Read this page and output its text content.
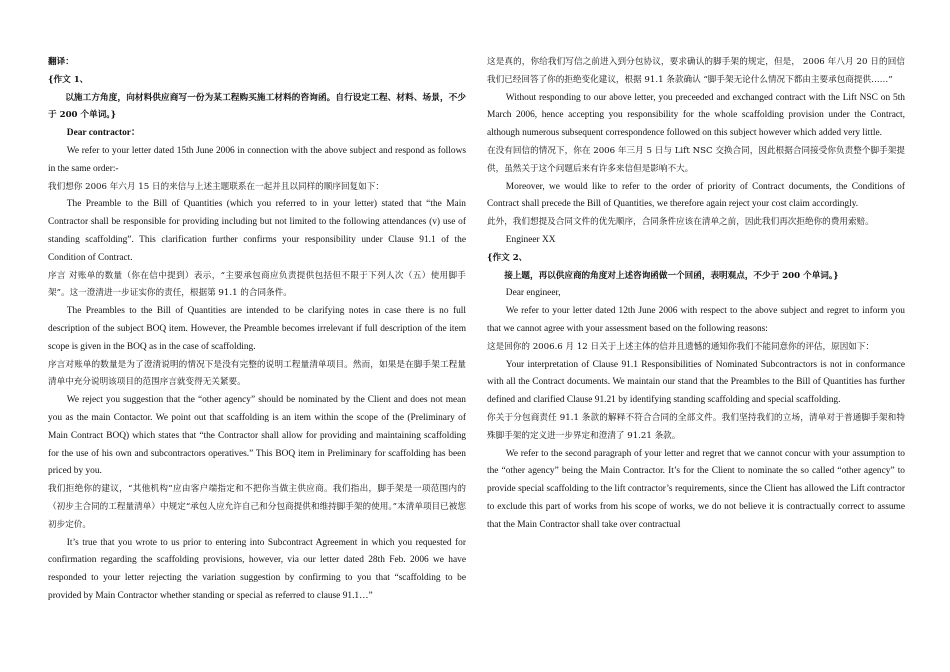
翻译：

{作文 1、

以施工方角度，向材料供应商写一份为某工程购买施工材料的咨询函。自行设定工程、材料、场景，不少于 200 个单词。}

Dear contractor：

We refer to your letter dated 15th June 2006 in connection with the above subject and respond as follows in the same order:-

我们想你 2006 年六月 15 日的来信与上述主题联系在一起并且以同样的顺序回复如下：

The Preamble to the Bill of Quantities (which you referred to in your letter) stated that “the Main Contractor shall be responsible for providing including but not limited to the following attendances (v) use of standing scaffolding”. This clarification further confirms your responsibility under Clause 91.1 of the Condition of Contract.

序言 对账单的数量（你在信中提到）表示，“主要承包商应负责提供包括但不限于下列人次（五）使用脚手架”。这一澄清进一步证实你的责任，根据第 91.1 的合同条件。

The Preambles to the Bill of Quantities are intended to be clarifying notes in case there is no full description of the subject BOQ item. However, the Preamble becomes irrelevant if full description of the item scope is given in the BOQ as in the case of scaffolding.

序言对账单的数量是为了澄清说明的情况下是没有完整的说明工程量清单项目。然而，如果是在脚手架工程量清单中充分说明该项目的范围序言就变得无关紧要。

We reject you suggestion that the “other agency” should be nominated by the Client and does not mean you as the main Contactor. We point out that scaffolding is an item within the scope of the (Preliminary of Main Contract BOQ) which states that “the Contractor shall allow for providing and maintaining scaffolding for the use of his own and subcontractors operatives.” This BOQ item in Preliminary for scaffolding has been priced by you.

我们拒绝你的建议，“其他机构”应由客户端指定和不把你当做主供应商。我们指出，脚手架是一项范围内的（初步主合同的工程量清单）中规定“承包人应允许自己和分包商提供和维持脚手架的使用。”本清单项目已被您初步定价。

It’s true that you wrote to us prior to entering into Subcontract Agreement in which you requested for confirmation regarding the scaffolding provisions, however, via our letter dated 28th Feb. 2006 we have responded to your letter rejecting the variation suggestion by confirming to you that “scaffolding to be provided by Main Contractor whether standing or special as referred to clause 91.1…”

这是真的，你给我们写信之前进入到分包协议，要求确认的脚手架的规定，但是， 2006 年八月 20 日的回信我们已经回答了你的拒绝变化建议，根据 91.1 条款确认 “脚手架无论什么情况下都由主要承包商提供……”

Without responding to our above letter, you preceeded and exchanged contract with the Lift NSC on 5th March 2006, hence accepting you responsibility for the whole scaffolding provision under the Contract, although numerous subsequent correspondence followed on this subject however which added very little.

在没有回信的情况下，你在 2006 年三月 5 日与 Lift NSC 交换合同，因此根据合同接受你负责整个脚手架提供，虽然关于这个问题后来有许多来信但是影响不大。

Moreover, we would like to refer to the order of priority of Contract documents, the Conditions of Contract shall precede the Bill of Quantities, we therefore again reject your cost claim accordingly.

此外，我们想提及合同文件的优先顺序，合同条件应该在清单之前，因此我们再次拒绝你的费用索赔。

Engineer XX

{作文 2、

接上题，再以供应商的角度对上述咨询函做一个回函，表明观点，不少于 200 个单词。}

Dear engineer,

We refer to your letter dated 12th June 2006 with respect to the above subject and regret to inform you that we cannot agree with your assessment based on the following reasons:

这是回你的 2006.6 月 12 日关于上述主体的信并且遗憾的通知你我们不能同意你的评估，原因如下：

Your interpretation of Clause 91.1 Responsibilities of Nominated Subcontractors is not in conformance with all the Contract documents. We maintain our stand that the Preambles to the Bill of Quantities has further defined and clarified Clause 91.21 by identifying standing scaffolding and special scaffolding.

你关于分包商责任 91.1 条款的解释不符合合同的全部文件。我们坚持我们的立场，清单对于普通脚手架和特殊脚手架的定义进一步界定和澄清了 91.21 条款。

We refer to the second paragraph of your letter and regret that we cannot concur with your assumption to the “other agency” being the Main Contractor. It’s for the Client to nominate the so called “other agency” to provide special scaffolding to the lift contractor’s requirements, since the Client has allowed the Lift contractor to exclude this part of works from his scope of works, we do not believe it is contractually correct to assume that the Main Contractor shall take over contractual
